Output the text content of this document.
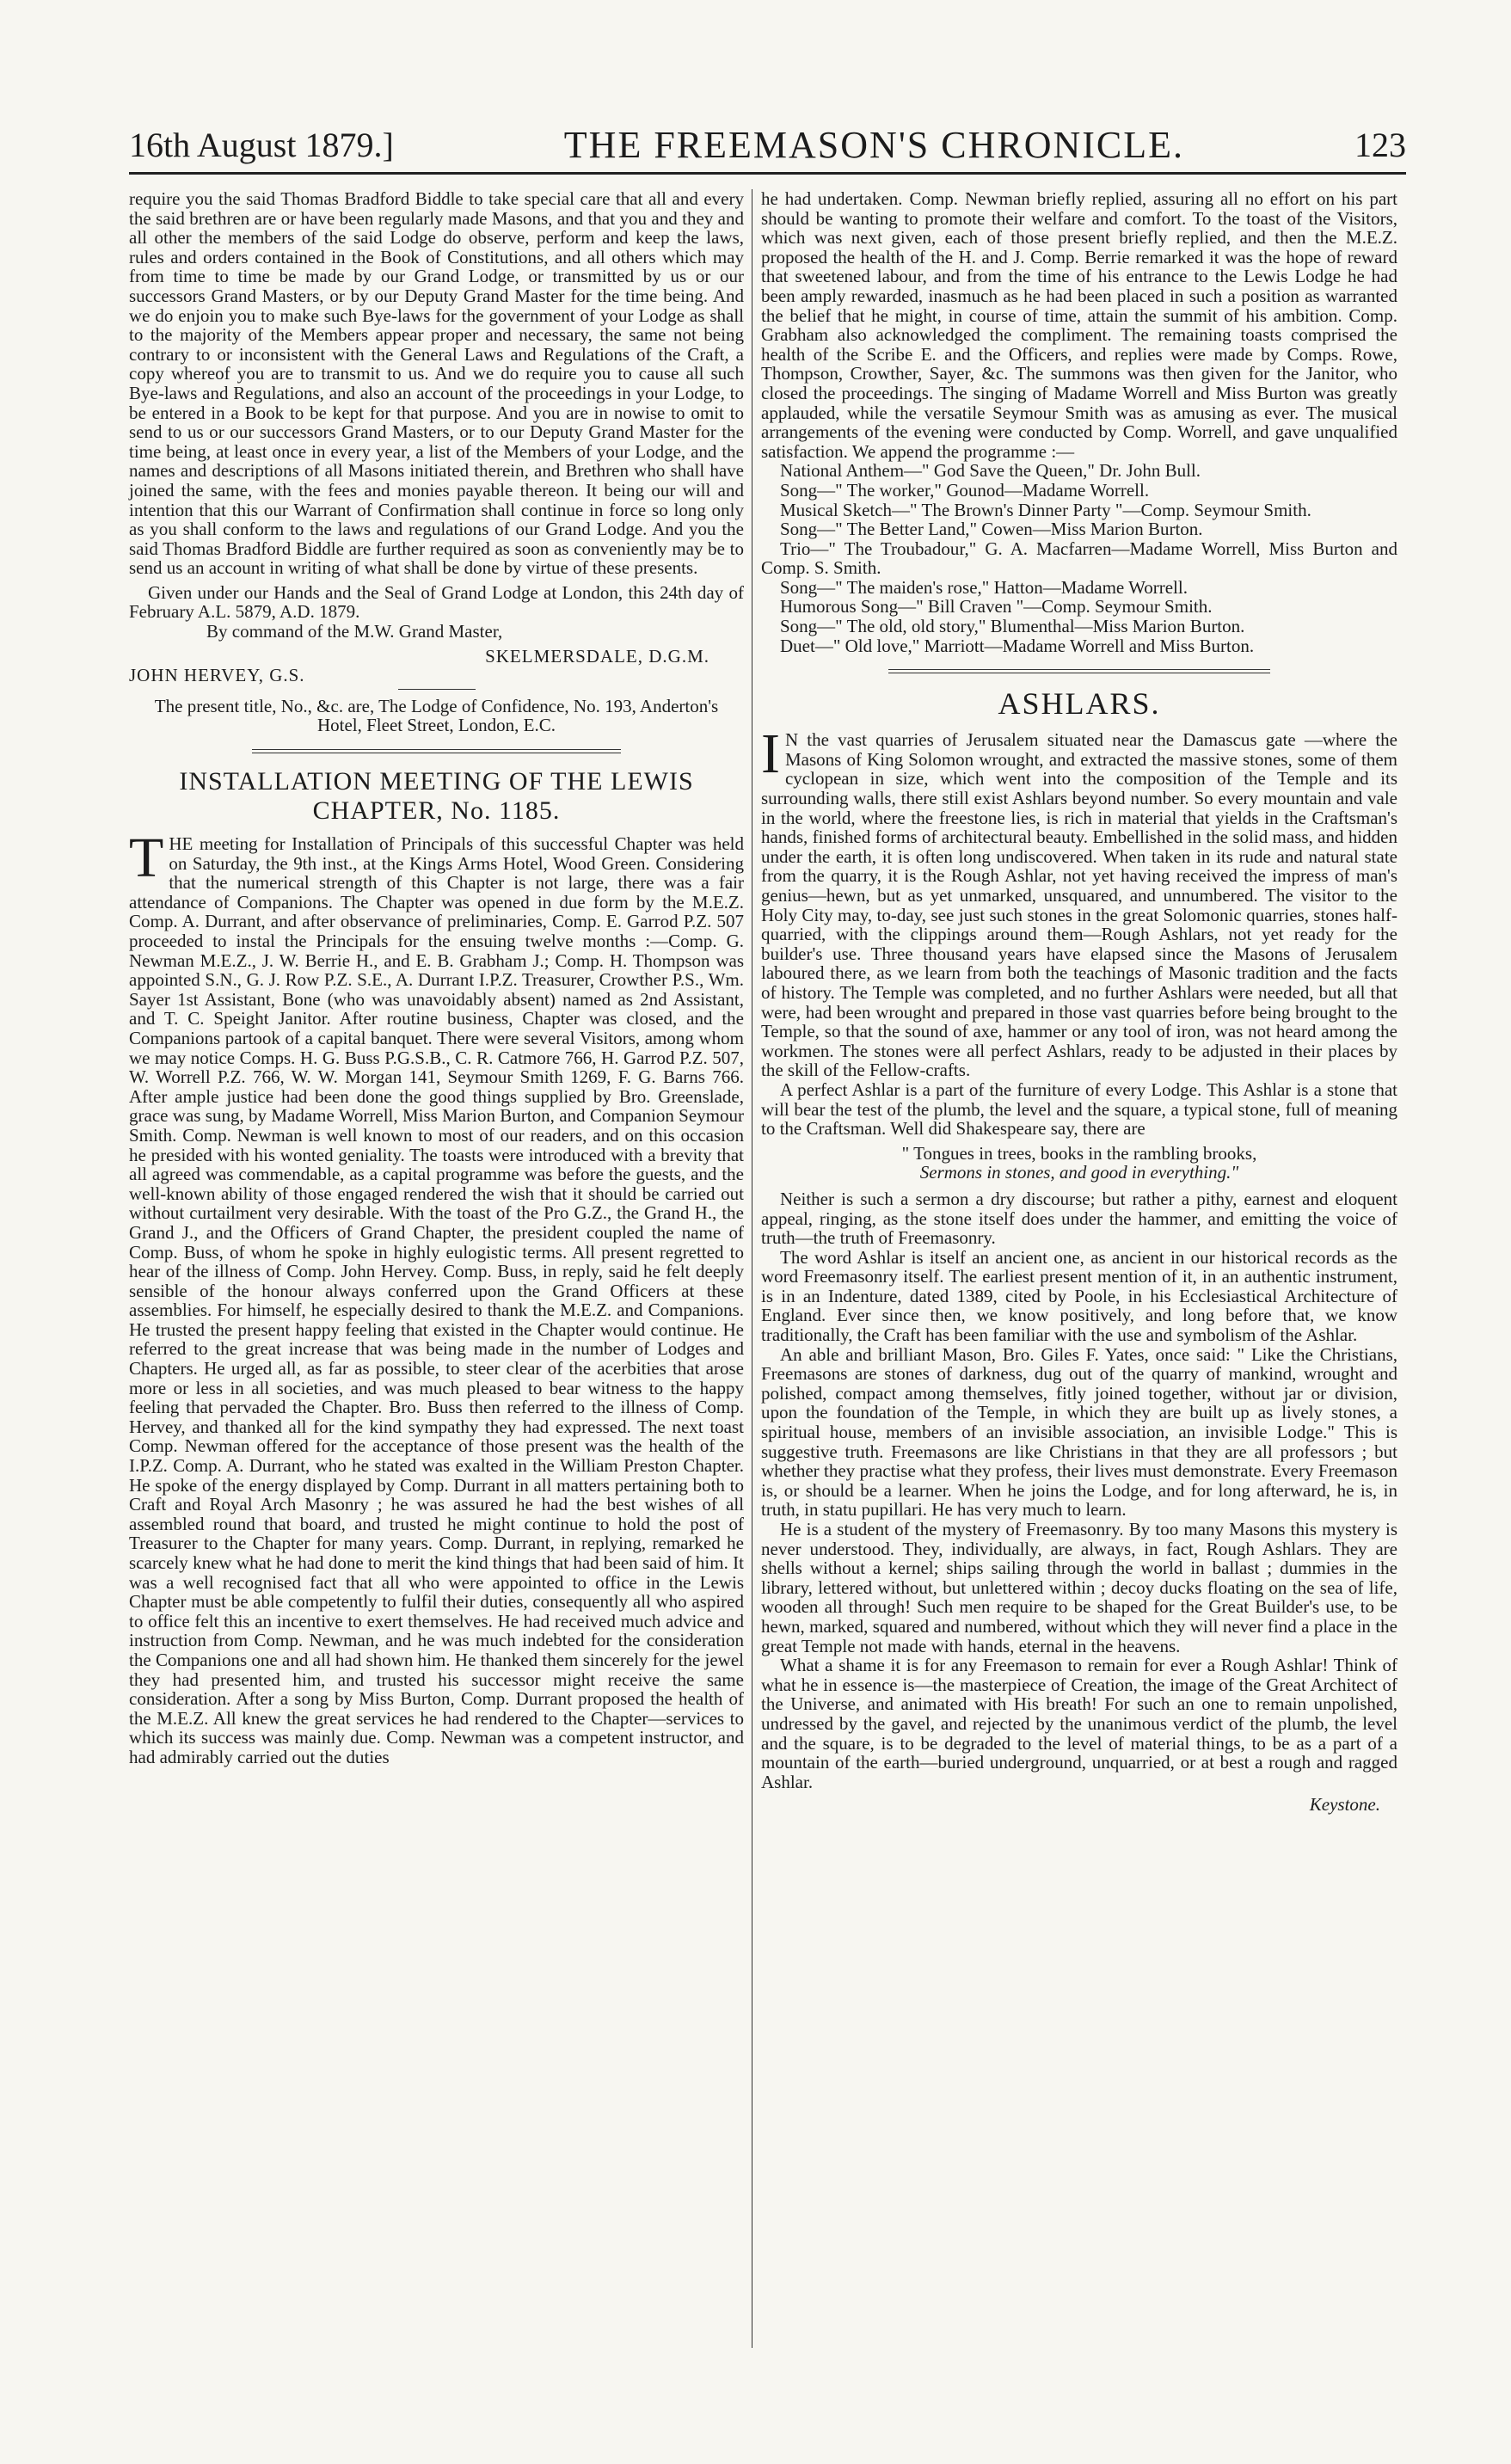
16th August 1879.]	THE FREEMASON'S CHRONICLE.	123

require you the said Thomas Bradford Biddle to take special care that all and every the said brethren are or have been regularly made Masons, and that you and they and all other the members of the said Lodge do observe, perform and keep the laws, rules and orders contained in the Book of Constitutions, and all others which may from time to time be made by our Grand Lodge, or transmitted by us or our successors Grand Masters, or by our Deputy Grand Master for the time being. And we do enjoin you to make such Bye-laws for the government of your Lodge as shall to the majority of the Members appear proper and necessary, the same not being contrary to or inconsistent with the General Laws and Regulations of the Craft, a copy whereof you are to transmit to us. And we do require you to cause all such Bye-laws and Regulations, and also an account of the proceedings in your Lodge, to be entered in a Book to be kept for that purpose. And you are in nowise to omit to send to us or our successors Grand Masters, or to our Deputy Grand Master for the time being, at least once in every year, a list of the Members of your Lodge, and the names and descriptions of all Masons initiated therein, and Brethren who shall have joined the same, with the fees and monies payable thereon. It being our will and intention that this our Warrant of Confirmation shall continue in force so long only as you shall conform to the laws and regulations of our Grand Lodge. And you the said Thomas Bradford Biddle are further required as soon as conveniently may be to send us an account in writing of what shall be done by virtue of these presents.

Given under our Hands and the Seal of Grand Lodge at London, this 24th day of February A.L. 5879, A.D. 1879.

By command of the M.W. Grand Master,

SKELMERSDALE, D.G.M.

JOHN HERVEY, G.S.

The present title, No., &c. are, The Lodge of Confidence, No. 193, Anderton's Hotel, Fleet Street, London, E.C.

INSTALLATION MEETING OF THE LEWIS CHAPTER, No. 1185.

THE meeting for Installation of Principals of this successful Chapter was held on Saturday, the 9th inst., at the Kings Arms Hotel, Wood Green. Considering that the numerical strength of this Chapter is not large, there was a fair attendance of Companions. The Chapter was opened in due form by the M.E.Z. Comp. A. Durrant, and after observance of preliminaries, Comp. E. Garrod P.Z. 507 proceeded to instal the Principals for the ensuing twelve months :—Comp. G. Newman M.E.Z., J. W. Berrie H., and E. B. Grabham J.; Comp. H. Thompson was appointed S.N., G. J. Row P.Z. S.E., A. Durrant I.P.Z. Treasurer, Crowther P.S., Wm. Sayer 1st Assistant, Bone (who was unavoidably absent) named as 2nd Assistant, and T. C. Speight Janitor. After routine business, Chapter was closed, and the Companions partook of a capital banquet. There were several Visitors, among whom we may notice Comps. H. G. Buss P.G.S.B., C. R. Catmore 766, H. Garrod P.Z. 507, W. Worrell P.Z. 766, W. W. Morgan 141, Seymour Smith 1269, F. G. Barns 766. After ample justice had been done the good things supplied by Bro. Greenslade, grace was sung, by Madame Worrell, Miss Marion Burton, and Companion Seymour Smith. Comp. Newman is well known to most of our readers, and on this occasion he presided with his wonted geniality. The toasts were introduced with a brevity that all agreed was commendable, as a capital programme was before the guests, and the well-known ability of those engaged rendered the wish that it should be carried out without curtailment very desirable. With the toast of the Pro G.Z., the Grand H., the Grand J., and the Officers of Grand Chapter, the president coupled the name of Comp. Buss, of whom he spoke in highly eulogistic terms. All present regretted to hear of the illness of Comp. John Hervey. Comp. Buss, in reply, said he felt deeply sensible of the honour always conferred upon the Grand Officers at these assemblies. For himself, he especially desired to thank the M.E.Z. and Companions. He trusted the present happy feeling that existed in the Chapter would continue. He referred to the great increase that was being made in the number of Lodges and Chapters. He urged all, as far as possible, to steer clear of the acerbities that arose more or less in all societies, and was much pleased to bear witness to the happy feeling that pervaded the Chapter. Bro. Buss then referred to the illness of Comp. Hervey, and thanked all for the kind sympathy they had expressed. The next toast Comp. Newman offered for the acceptance of those present was the health of the I.P.Z. Comp. A. Durrant, who he stated was exalted in the William Preston Chapter. He spoke of the energy displayed by Comp. Durrant in all matters pertaining both to Craft and Royal Arch Masonry ; he was assured he had the best wishes of all assembled round that board, and trusted he might continue to hold the post of Treasurer to the Chapter for many years. Comp. Durrant, in replying, remarked he scarcely knew what he had done to merit the kind things that had been said of him. It was a well recognised fact that all who were appointed to office in the Lewis Chapter must be able competently to fulfil their duties, consequently all who aspired to office felt this an incentive to exert themselves. He had received much advice and instruction from Comp. Newman, and he was much indebted for the consideration the Companions one and all had shown him. He thanked them sincerely for the jewel they had presented him, and trusted his successor might receive the same consideration. After a song by Miss Burton, Comp. Durrant proposed the health of the M.E.Z. All knew the great services he had rendered to the Chapter—services to which its success was mainly due. Comp. Newman was a competent instructor, and had admirably carried out the duties

he had undertaken. Comp. Newman briefly replied, assuring all no effort on his part should be wanting to promote their welfare and comfort. To the toast of the Visitors, which was next given, each of those present briefly replied, and then the M.E.Z. proposed the health of the H. and J. Comp. Berrie remarked it was the hope of reward that sweetened labour, and from the time of his entrance to the Lewis Lodge he had been amply rewarded, inasmuch as he had been placed in such a position as warranted the belief that he might, in course of time, attain the summit of his ambition. Comp. Grabham also acknowledged the compliment. The remaining toasts comprised the health of the Scribe E. and the Officers, and replies were made by Comps. Rowe, Thompson, Crowther, Sayer, &c. The summons was then given for the Janitor, who closed the proceedings. The singing of Madame Worrell and Miss Burton was greatly applauded, while the versatile Seymour Smith was as amusing as ever. The musical arrangements of the evening were conducted by Comp. Worrell, and gave unqualified satisfaction. We append the programme :—

National Anthem—" God Save the Queen," Dr. John Bull.
Song—" The worker," Gounod—Madame Worrell.
Musical Sketch—" The Brown's Dinner Party "—Comp. Seymour Smith.
Song—" The Better Land," Cowen—Miss Marion Burton.
Trio—" The Troubadour," G. A. Macfarren—Madame Worrell, Miss Burton and Comp. S. Smith.
Song—" The maiden's rose," Hatton—Madame Worrell.
Humorous Song—" Bill Craven "—Comp. Seymour Smith.
Song—" The old, old story," Blumenthal—Miss Marion Burton.
Duet—" Old love," Marriott—Madame Worrell and Miss Burton.
ASHLARS.

I N the vast quarries of Jerusalem situated near the Damascus gate —where the Masons of King Solomon wrought, and extracted the massive stones, some of them cyclopean in size, which went into the composition of the Temple and its surrounding walls, there still exist Ashlars beyond number. So every mountain and vale in the world, where the freestone lies, is rich in material that yields in the Craftsman's hands, finished forms of architectural beauty. Embellished in the solid mass, and hidden under the earth, it is often long undiscovered. When taken in its rude and natural state from the quarry, it is the Rough Ashlar, not yet having received the impress of man's genius—hewn, but as yet unmarked, unsquared, and unnumbered. The visitor to the Holy City may, to-day, see just such stones in the great Solomonic quarries, stones half-quarried, with the clippings around them—Rough Ashlars, not yet ready for the builder's use. Three thousand years have elapsed since the Masons of Jerusalem laboured there, as we learn from both the teachings of Masonic tradition and the facts of history. The Temple was completed, and no further Ashlars were needed, but all that were, had been wrought and prepared in those vast quarries before being brought to the Temple, so that the sound of axe, hammer or any tool of iron, was not heard among the workmen. The stones were all perfect Ashlars, ready to be adjusted in their places by the skill of the Fellow-crafts.

A perfect Ashlar is a part of the furniture of every Lodge. This Ashlar is a stone that will bear the test of the plumb, the level and the square, a typical stone, full of meaning to the Craftsman. Well did Shakespeare say, there are

" Tongues in trees, books in the rambling brooks,
Sermons in stones, and good in everything."

Neither is such a sermon a dry discourse; but rather a pithy, earnest and eloquent appeal, ringing, as the stone itself does under the hammer, and emitting the voice of truth—the truth of Freemasonry.

The word Ashlar is itself an ancient one, as ancient in our historical records as the word Freemasonry itself. The earliest present mention of it, in an authentic instrument, is in an Indenture, dated 1389, cited by Poole, in his Ecclesiastical Architecture of England. Ever since then, we know positively, and long before that, we know traditionally, the Craft has been familiar with the use and symbolism of the Ashlar.

An able and brilliant Mason, Bro. Giles F. Yates, once said: " Like the Christians, Freemasons are stones of darkness, dug out of the quarry of mankind, wrought and polished, compact among themselves, fitly joined together, without jar or division, upon the foundation of the Temple, in which they are built up as lively stones, a spiritual house, members of an invisible association, an invisible Lodge." This is suggestive truth. Freemasons are like Christians in that they are all professors ; but whether they practise what they profess, their lives must demonstrate. Every Freemason is, or should be a learner. When he joins the Lodge, and for long afterward, he is, in truth, in statu pupillari. He has very much to learn.

He is a student of the mystery of Freemasonry. By too many Masons this mystery is never understood. They, individually, are always, in fact, Rough Ashlars. They are shells without a kernel; ships sailing through the world in ballast ; dummies in the library, lettered without, but unlettered within ; decoy ducks floating on the sea of life, wooden all through! Such men require to be shaped for the Great Builder's use, to be hewn, marked, squared and numbered, without which they will never find a place in the great Temple not made with hands, eternal in the heavens.

What a shame it is for any Freemason to remain for ever a Rough Ashlar! Think of what he in essence is—the masterpiece of Creation, the image of the Great Architect of the Universe, and animated with His breath! For such an one to remain unpolished, undressed by the gavel, and rejected by the unanimous verdict of the plumb, the level and the square, is to be degraded to the level of material things, to be as a part of a mountain of the earth—buried underground, unquarried, or at best a rough and ragged Ashlar.

Keystone.
